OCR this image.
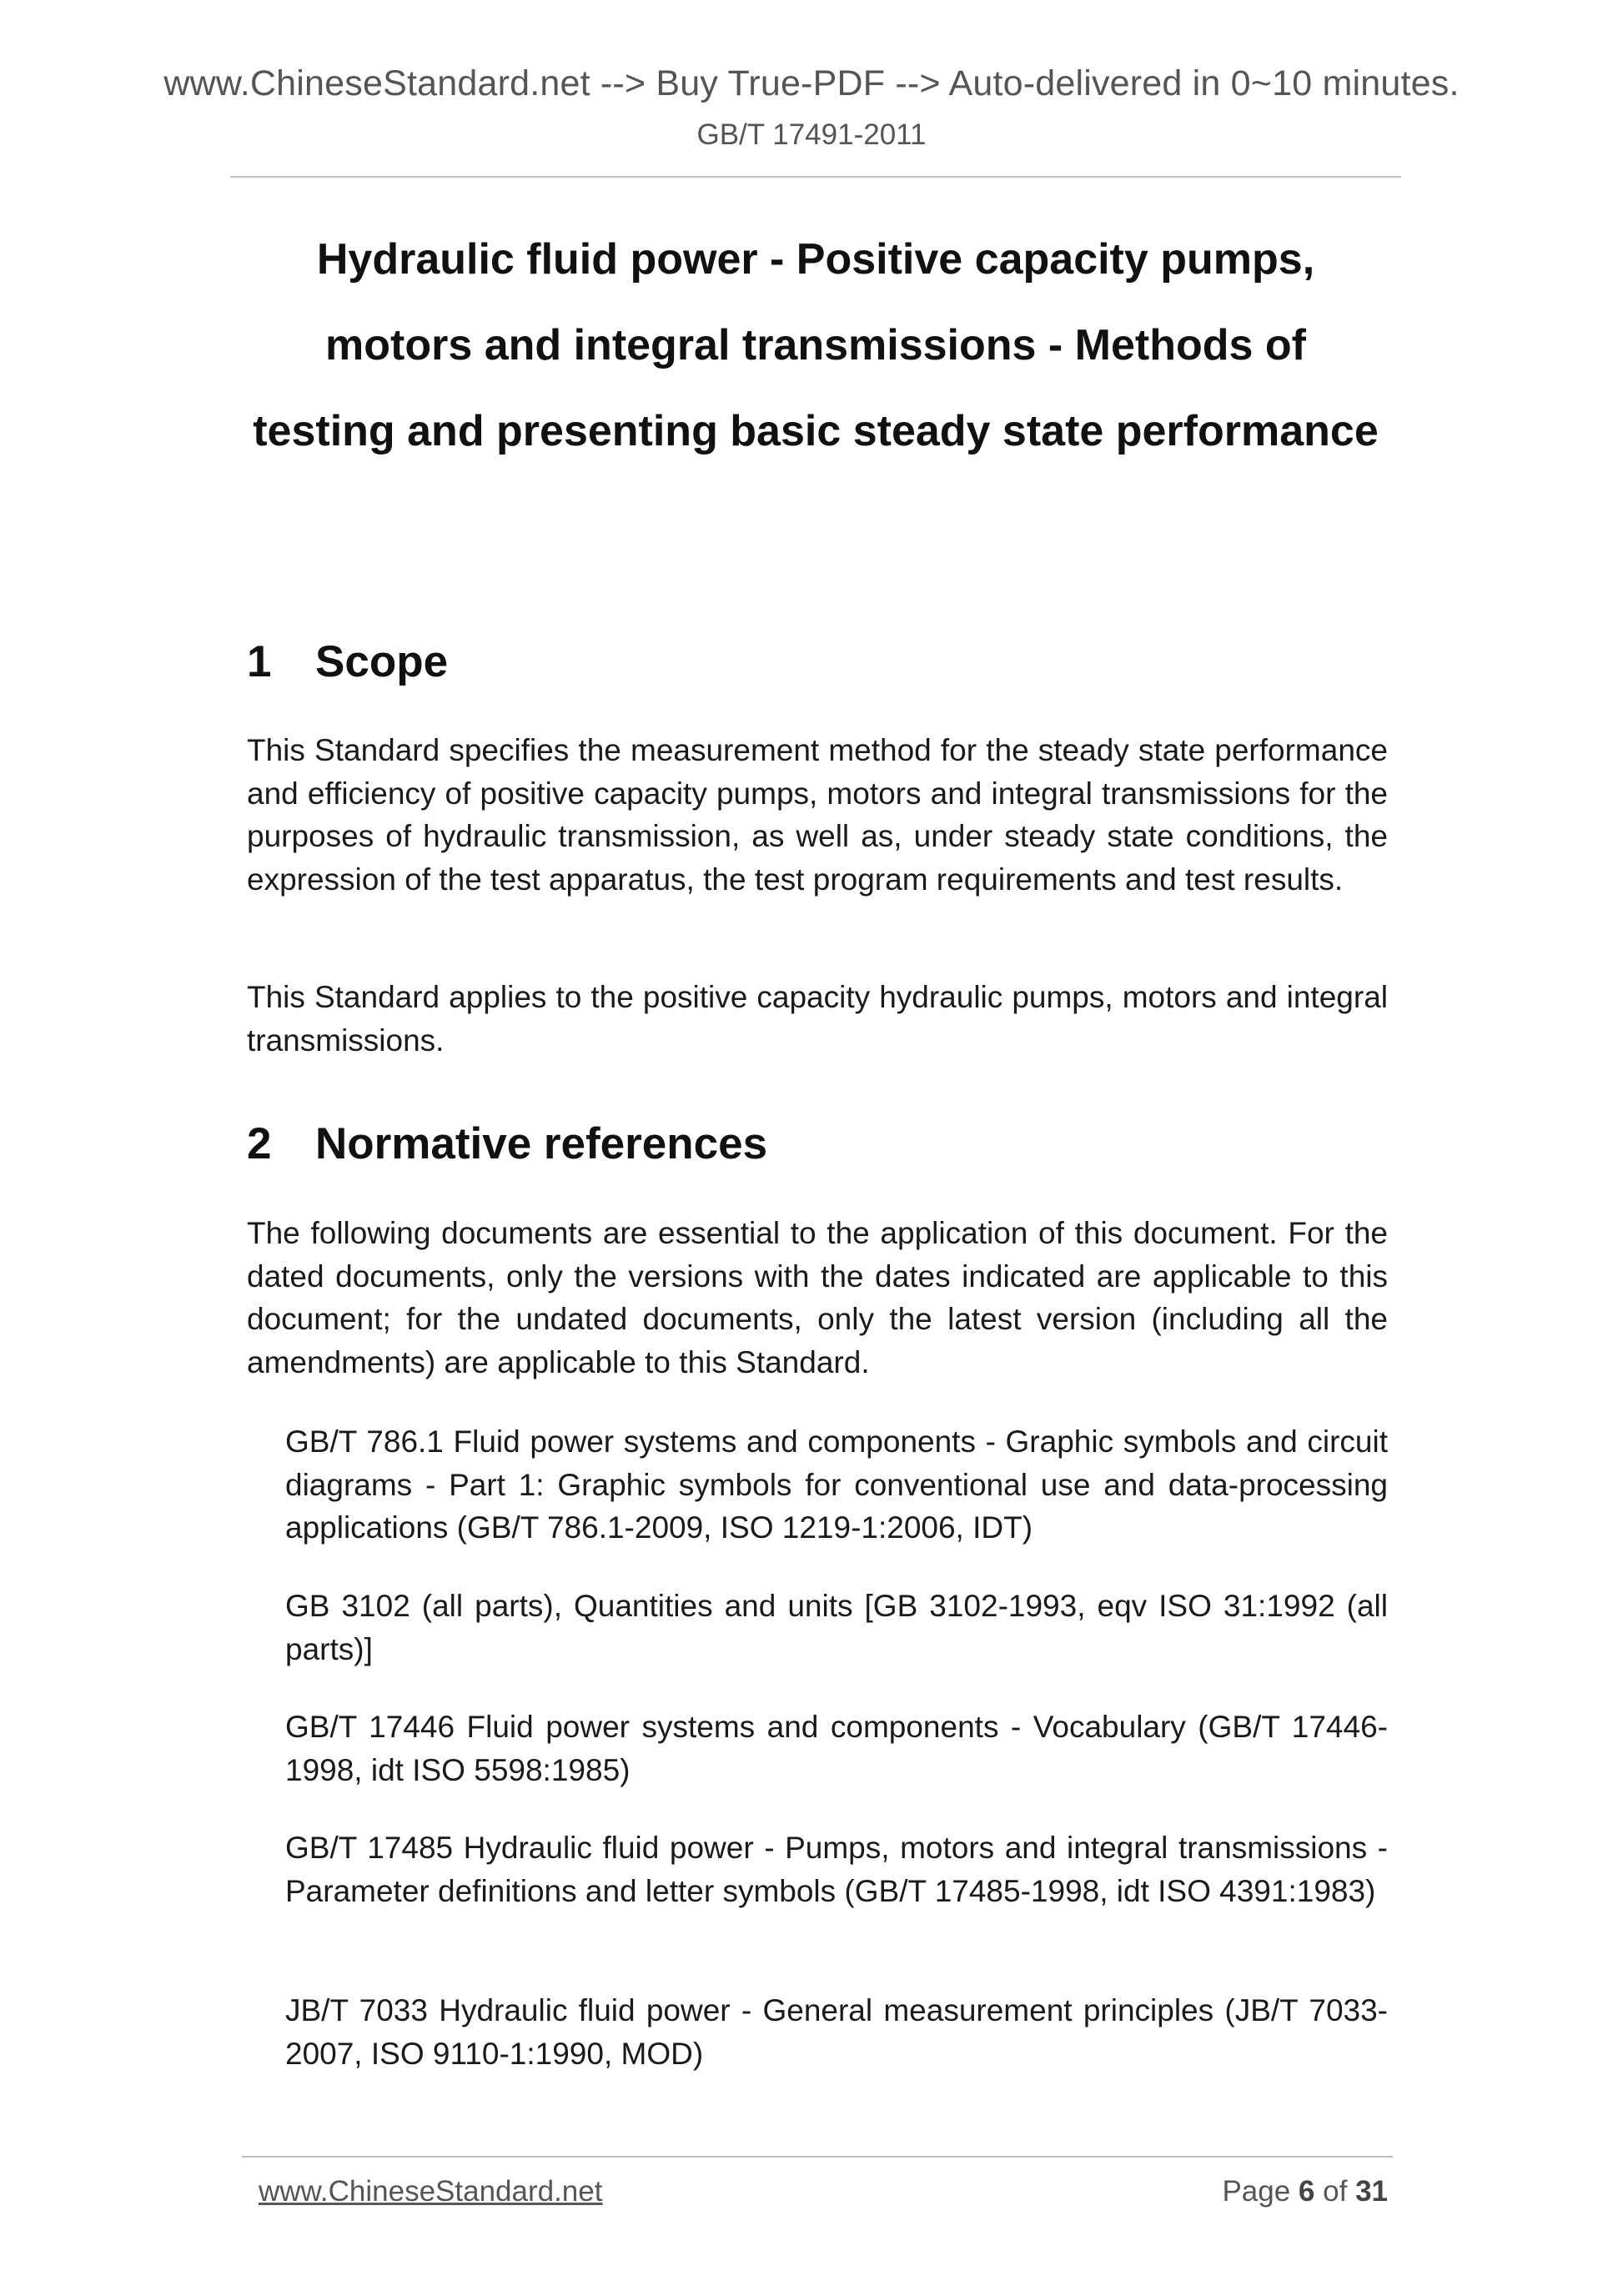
www.ChineseStandard.net --> Buy True-PDF --> Auto-delivered in 0~10 minutes.
GB/T 17491-2011
Hydraulic fluid power - Positive capacity pumps,
motors and integral transmissions - Methods of
testing and presenting basic steady state performance
1 Scope

This Standard specifies the measurement method for the steady state performance and efficiency of positive capacity pumps, motors and integral transmissions for the purposes of hydraulic transmission, as well as, under steady state conditions, the expression of the test apparatus, the test program requirements and test results.

This Standard applies to the positive capacity hydraulic pumps, motors and integral transmissions.

2 Normative references

The following documents are essential to the application of this document. For the dated documents, only the versions with the dates indicated are applicable to this document; for the undated documents, only the latest version (including all the amendments) are applicable to this Standard.

GB/T 786.1 Fluid power systems and components - Graphic symbols and circuit diagrams - Part 1: Graphic symbols for conventional use and data-processing applications (GB/T 786.1-2009, ISO 1219-1:2006, IDT)

GB 3102 (all parts), Quantities and units [GB 3102-1993, eqv ISO 31:1992 (all parts)]

GB/T 17446 Fluid power systems and components - Vocabulary (GB/T 17446-1998, idt ISO 5598:1985)

GB/T 17485 Hydraulic fluid power - Pumps, motors and integral transmissions - Parameter definitions and letter symbols (GB/T 17485-1998, idt ISO 4391:1983)

JB/T 7033 Hydraulic fluid power - General measurement principles (JB/T 7033-2007, ISO 9110-1:1990, MOD)

www.ChineseStandard.net	Page 6 of 31
